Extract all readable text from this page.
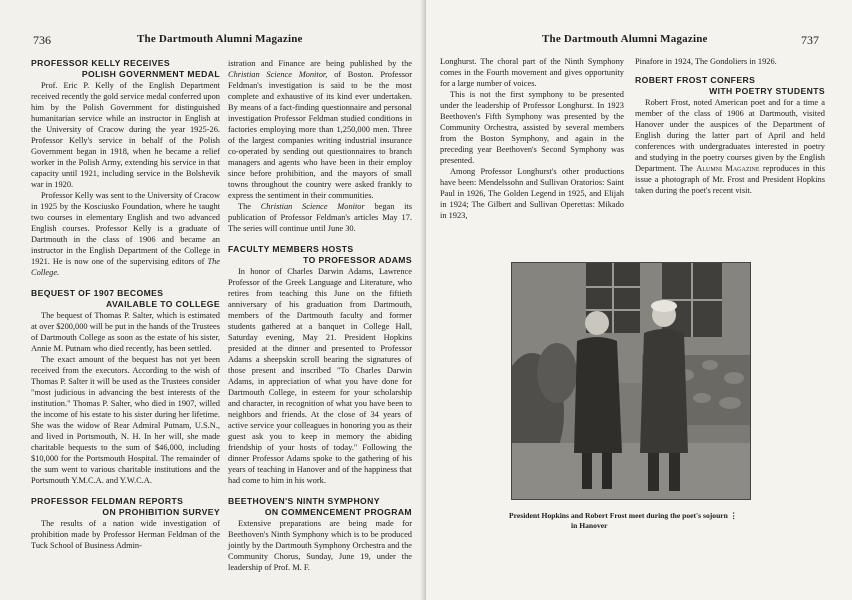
736	The Dartmouth Alumni Magazine
PROFESSOR KELLY RECEIVES
POLISH GOVERNMENT MEDAL

Prof. Eric P. Kelly of the English Department received recently the gold service medal conferred upon him by the Polish Government for distinguished humanitarian service while an instructor in English at the University of Cracow during the year 1925-26. Professor Kelly's service in behalf of the Polish Government began in 1918, when he became a relief worker in the Polish Army, extending his service in that capacity until 1921, including service in the Bolshevik war in 1920.

Professor Kelly was sent to the University of Cracow in 1925 by the Kosciusko Foundation, where he taught two courses in elementary English and two advanced English courses. Professor Kelly is a graduate of Dartmouth in the class of 1906 and became an instructor in the English Department of the College in 1921. He is now one of the supervising editors of The College.

BEQUEST OF 1907 BECOMES
AVAILABLE TO COLLEGE

The bequest of Thomas P. Salter, which is estimated at over $200,000 will be put in the hands of the Trustees of Dartmouth College as soon as the estate of his sister, Annie M. Putnam who died recently, has been settled.

The exact amount of the bequest has not yet been received from the executors. According to the wish of Thomas P. Salter it will be used as the Trustees consider "most judicious in advancing the best interests of the institution." Thomas P. Salter, who died in 1907, willed the income of his estate to his sister during her lifetime. She was the widow of Rear Admiral Putnam, U.S.N., and lived in Portsmouth, N. H. In her will, she made charitable bequests to the sum of $46,000, including $10,000 for the Portsmouth Hospital. The remainder of the sum went to various charitable institutions and the Portsmouth Y.M.C.A. and Y.W.C.A.

PROFESSOR FELDMAN REPORTS
ON PROHIBITION SURVEY

The results of a nation wide investigation of prohibition made by Professor Herman Feldman of the Tuck School of Business Admin-

istration and Finance are being published by the Christian Science Monitor, of Boston. Professor Feldman's investigation is said to be the most complete and exhaustive of its kind ever undertaken. By means of a fact-finding questionnaire and personal investigation Professor Feldman studied conditions in factories employing more than 1,250,000 men. Three of the largest companies writing industrial insurance co-operated by sending out questionnaires to branch managers and agents who have been in their employ since before prohibition, and the mayors of small towns throughout the country were asked frankly to express the sentiment in their communities.

The Christian Science Monitor began its publication of Professor Feldman's articles May 17. The series will continue until June 30.

FACULTY MEMBERS HOSTS
TO PROFESSOR ADAMS

In honor of Charles Darwin Adams, Lawrence Professor of the Greek Language and Literature, who retires from teaching this June on the fiftieth anniversary of his graduation from Dartmouth, members of the Dartmouth faculty and former students gathered at a banquet in College Hall, Saturday evening, May 21. President Hopkins presided at the dinner and presented to Professor Adams a sheepskin scroll bearing the signatures of those present and inscribed "To Charles Darwin Adams, in appreciation of what you have done for Dartmouth College, in esteem for your scholarship and character, in recognition of what you have been to neighbors and friends. At the close of 34 years of active service your colleagues in honoring you as their guest ask you to keep in memory the abiding friendship of your hosts of today." Following the dinner Professor Adams spoke to the gathering of his years of teaching in Hanover and of the happiness that had come to him in his work.

BEETHOVEN'S NINTH SYMPHONY
ON COMMENCEMENT PROGRAM

Extensive preparations are being made for Beethoven's Ninth Symphony which is to be produced jointly by the Dartmouth Symphony Orchestra and the Community Chorus, Sunday, June 19, under the leadership of Prof. M. F.

The Dartmouth Alumni Magazine	737

Longhurst. The choral part of the Ninth Symphony comes in the Fourth movement and gives opportunity for a large number of voices.

This is not the first symphony to be presented under the leadership of Professor Longhurst. In 1923 Beethoven's Fifth Symphony was presented by the Community Orchestra, assisted by several members from the Boston Symphony, and again in the preceding year Beethoven's Second Symphony was presented.

Among Professor Longhurst's other productions have been: Mendelssohn and Sullivan Oratorios: Saint Paul in 1926, The Golden Legend in 1925, and Elijah in 1924; The Gilbert and Sullivan Operettas: Mikado in 1923,

Pinafore in 1924, The Gondoliers in 1926.

ROBERT FROST CONFERS
WITH POETRY STUDENTS

Robert Frost, noted American poet and for a time a member of the class of 1906 at Dartmouth, visited Hanover under the auspices of the Department of English during the latter part of April and held conferences with undergraduates interested in poetry and studying in the poetry courses given by the English Department. The Alumni Magazine reproduces in this issue a photograph of Mr. Frost and President Hopkins taken during the poet's recent visit.

President Hopkins and Robert Frost meet during the poet's sojourn ⋮
in Hanover
